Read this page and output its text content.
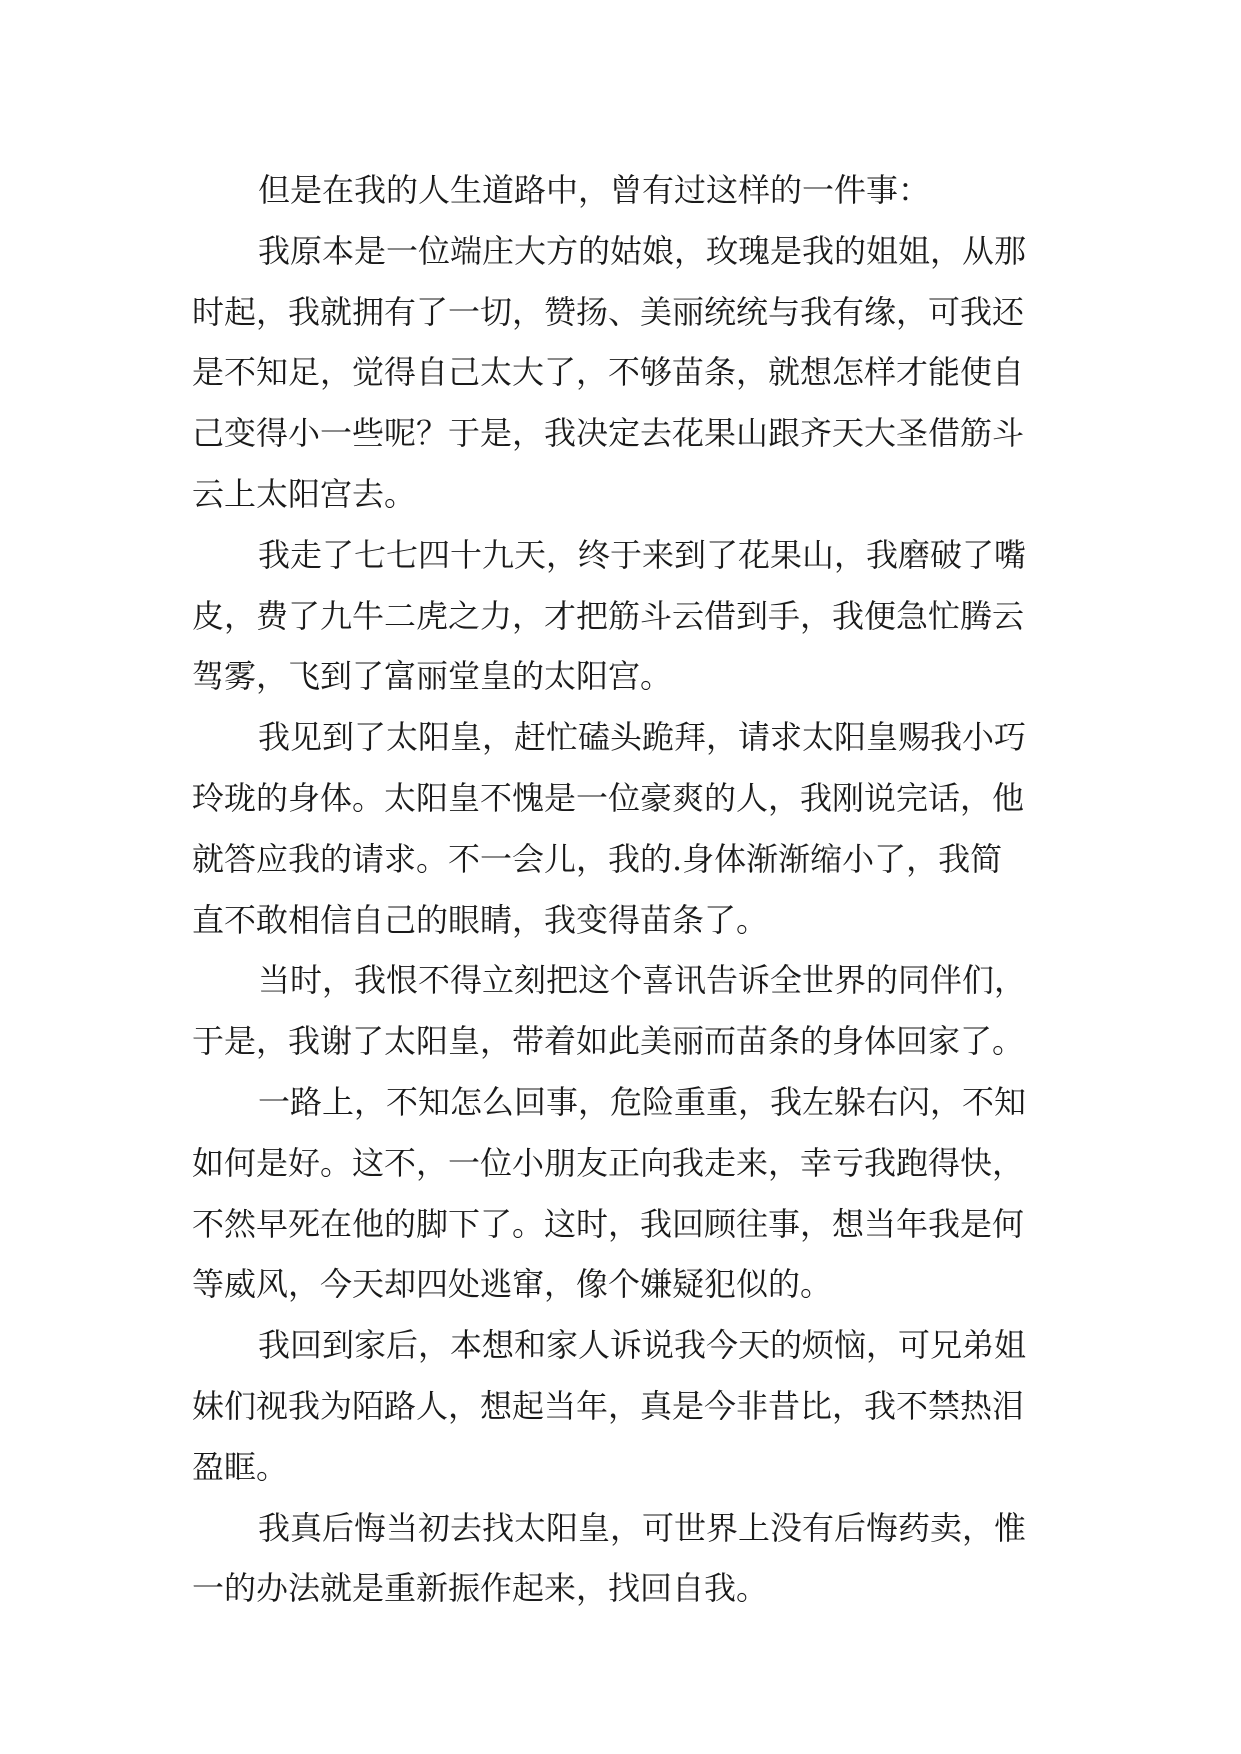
但是在我的人生道路中，曾有过这样的一件事：

我原本是一位端庄大方的姑娘，玫瑰是我的姐姐，从那
时起，我就拥有了一切，赞扬、美丽统统与我有缘，可我还
是不知足，觉得自己太大了，不够苗条，就想怎样才能使自
己变得小一些呢？于是，我决定去花果山跟齐天大圣借筋斗
云上太阳宫去。

我走了七七四十九天，终于来到了花果山，我磨破了嘴
皮，费了九牛二虎之力，才把筋斗云借到手，我便急忙腾云
驾雾，飞到了富丽堂皇的太阳宫。

我见到了太阳皇，赶忙磕头跪拜，请求太阳皇赐我小巧
玲珑的身体。太阳皇不愧是一位豪爽的人，我刚说完话，他
就答应我的请求。不一会儿，我的.身体渐渐缩小了，我简
直不敢相信自己的眼睛，我变得苗条了。

当时，我恨不得立刻把这个喜讯告诉全世界的同伴们，
于是，我谢了太阳皇，带着如此美丽而苗条的身体回家了。

一路上，不知怎么回事，危险重重，我左躲右闪，不知
如何是好。这不，一位小朋友正向我走来，幸亏我跑得快，
不然早死在他的脚下了。这时，我回顾往事，想当年我是何
等威风，今天却四处逃窜，像个嫌疑犯似的。

我回到家后，本想和家人诉说我今天的烦恼，可兄弟姐
妹们视我为陌路人，想起当年，真是今非昔比，我不禁热泪
盈眶。

我真后悔当初去找太阳皇，可世界上没有后悔药卖，惟
一的办法就是重新振作起来，找回自我。
